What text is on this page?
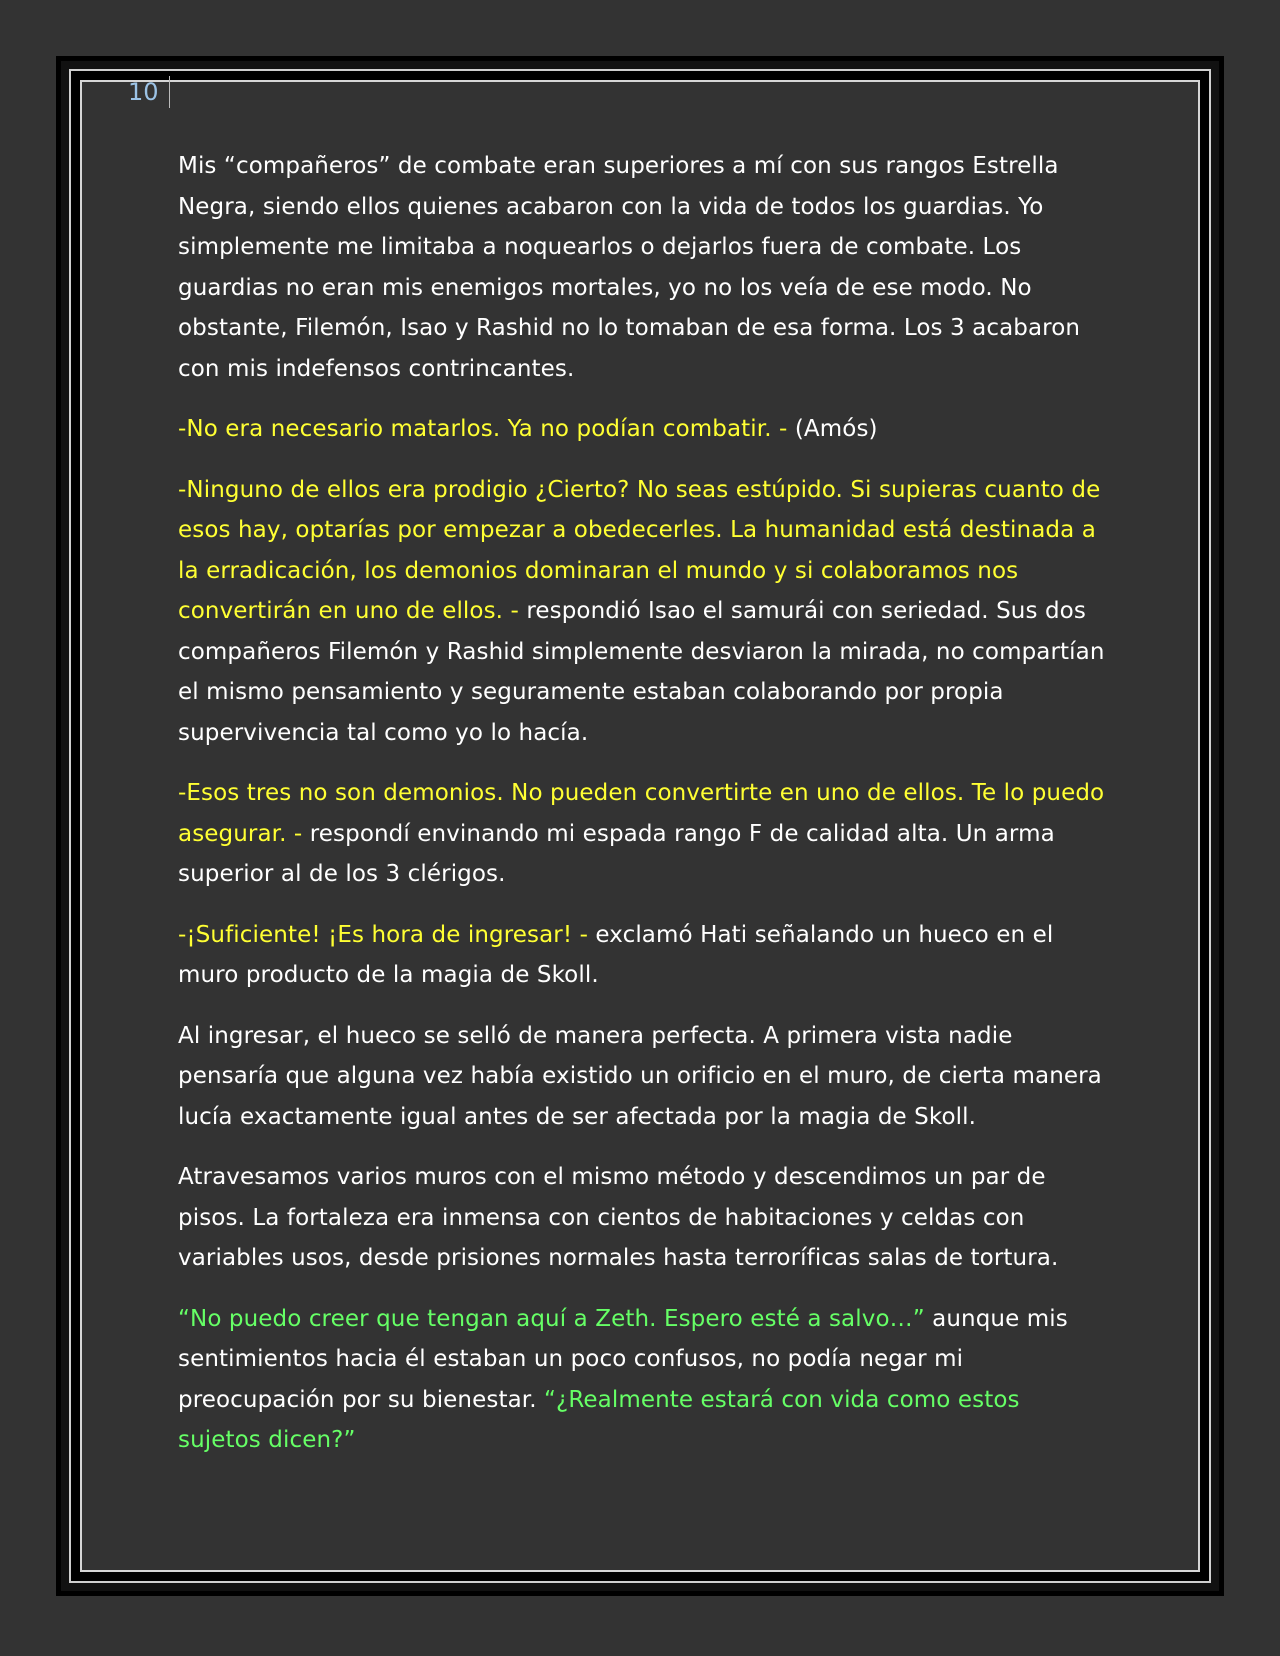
10

Mis “compañeros” de combate eran superiores a mí con sus rangos Estrella Negra, siendo ellos quienes acabaron con la vida de todos los guardias. Yo simplemente me limitaba a noquearlos o dejarlos fuera de combate. Los guardias no eran mis enemigos mortales, yo no los veía de ese modo. No obstante, Filemón, Isao y Rashid no lo tomaban de esa forma. Los 3 acabaron con mis indefensos contrincantes.

-No era necesario matarlos. Ya no podían combatir. - (Amós)

-Ninguno de ellos era prodigio ¿Cierto? No seas estúpido. Si supieras cuanto de esos hay, optarías por empezar a obedecerles. La humanidad está destinada a la erradicación, los demonios dominaran el mundo y si colaboramos nos convertirán en uno de ellos. - respondió Isao el samurái con seriedad. Sus dos compañeros Filemón y Rashid simplemente desviaron la mirada, no compartían el mismo pensamiento y seguramente estaban colaborando por propia supervivencia tal como yo lo hacía.

-Esos tres no son demonios. No pueden convertirte en uno de ellos. Te lo puedo asegurar. - respondí envinando mi espada rango F de calidad alta. Un arma superior al de los 3 clérigos.

-¡Suficiente! ¡Es hora de ingresar! - exclamó Hati señalando un hueco en el muro producto de la magia de Skoll.

Al ingresar, el hueco se selló de manera perfecta. A primera vista nadie pensaría que alguna vez había existido un orificio en el muro, de cierta manera lucía exactamente igual antes de ser afectada por la magia de Skoll.

Atravesamos varios muros con el mismo método y descendimos un par de pisos. La fortaleza era inmensa con cientos de habitaciones y celdas con variables usos, desde prisiones normales hasta terroríficas salas de tortura.

“No puedo creer que tengan aquí a Zeth. Espero esté a salvo…” aunque mis sentimientos hacia él estaban un poco confusos, no podía negar mi preocupación por su bienestar. “¿Realmente estará con vida como estos sujetos dicen?”
